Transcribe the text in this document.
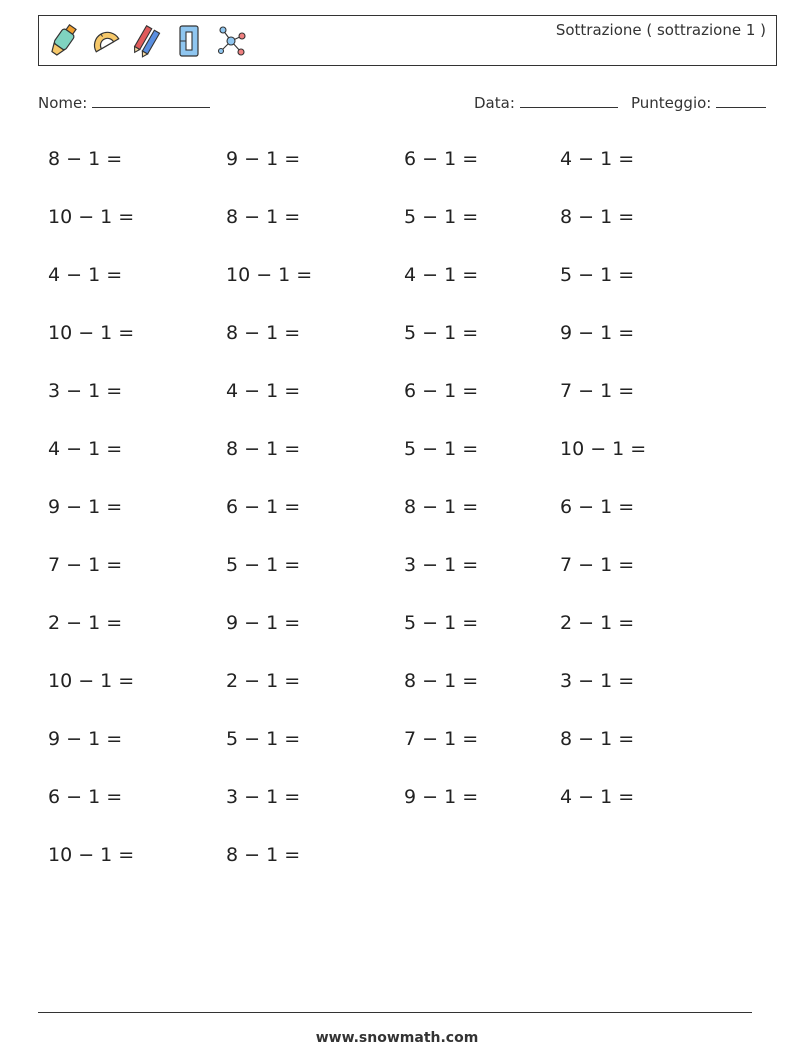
Sottrazione ( sottrazione 1 )
Nome:	Data:	Punteggio:
8 − 1 =	9 − 1 =	6 − 1 =	4 − 1 =
10 − 1 =	8 − 1 =	5 − 1 =	8 − 1 =
4 − 1 =	10 − 1 =	4 − 1 =	5 − 1 =
10 − 1 =	8 − 1 =	5 − 1 =	9 − 1 =
3 − 1 =	4 − 1 =	6 − 1 =	7 − 1 =
4 − 1 =	8 − 1 =	5 − 1 =	10 − 1 =
9 − 1 =	6 − 1 =	8 − 1 =	6 − 1 =
7 − 1 =	5 − 1 =	3 − 1 =	7 − 1 =
2 − 1 =	9 − 1 =	5 − 1 =	2 − 1 =
10 − 1 =	2 − 1 =	8 − 1 =	3 − 1 =
9 − 1 =	5 − 1 =	7 − 1 =	8 − 1 =
6 − 1 =	3 − 1 =	9 − 1 =	4 − 1 =
10 − 1 =	8 − 1 =
www.snowmath.com
